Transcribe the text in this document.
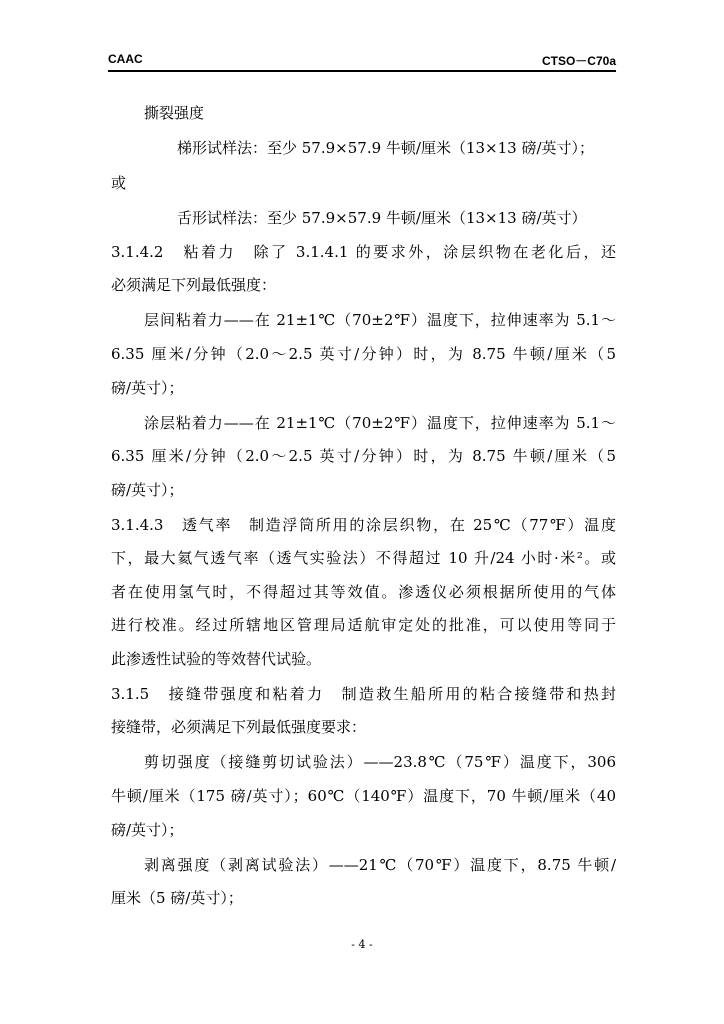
CAAC	CTSO－C70a
撕裂强度
梯形试样法：至少 57.9×57.9 牛顿/厘米（13×13 磅/英寸）；
或
舌形试样法：至少 57.9×57.9 牛顿/厘米（13×13 磅/英寸）
3.1.4.2　粘着力　除了 3.1.4.1 的要求外，涂层织物在老化后，还
必须满足下列最低强度：
层间粘着力——在 21±1℃（70±2℉）温度下，拉伸速率为 5.1～
6.35 厘米/分钟（2.0～2.5 英寸/分钟）时，为 8.75 牛顿/厘米（5
磅/英寸）；
涂层粘着力——在 21±1℃（70±2℉）温度下，拉伸速率为 5.1～
6.35 厘米/分钟（2.0～2.5 英寸/分钟）时，为 8.75 牛顿/厘米（5
磅/英寸）；
3.1.4.3　透气率　制造浮筒所用的涂层织物，在 25℃（77℉）温度
下，最大氦气透气率（透气实验法）不得超过 10 升/24 小时·米²。或
者在使用氢气时，不得超过其等效值。渗透仪必须根据所使用的气体
进行校准。经过所辖地区管理局适航审定处的批准，可以使用等同于
此渗透性试验的等效替代试验。
3.1.5　接缝带强度和粘着力　制造救生船所用的粘合接缝带和热封
接缝带，必须满足下列最低强度要求：
剪切强度（接缝剪切试验法）——23.8℃（75℉）温度下，306
牛顿/厘米（175 磅/英寸）；60℃（140℉）温度下，70 牛顿/厘米（40
磅/英寸）；
剥离强度（剥离试验法）——21℃（70℉）温度下，8.75 牛顿/
厘米（5 磅/英寸）；
- 4 -
